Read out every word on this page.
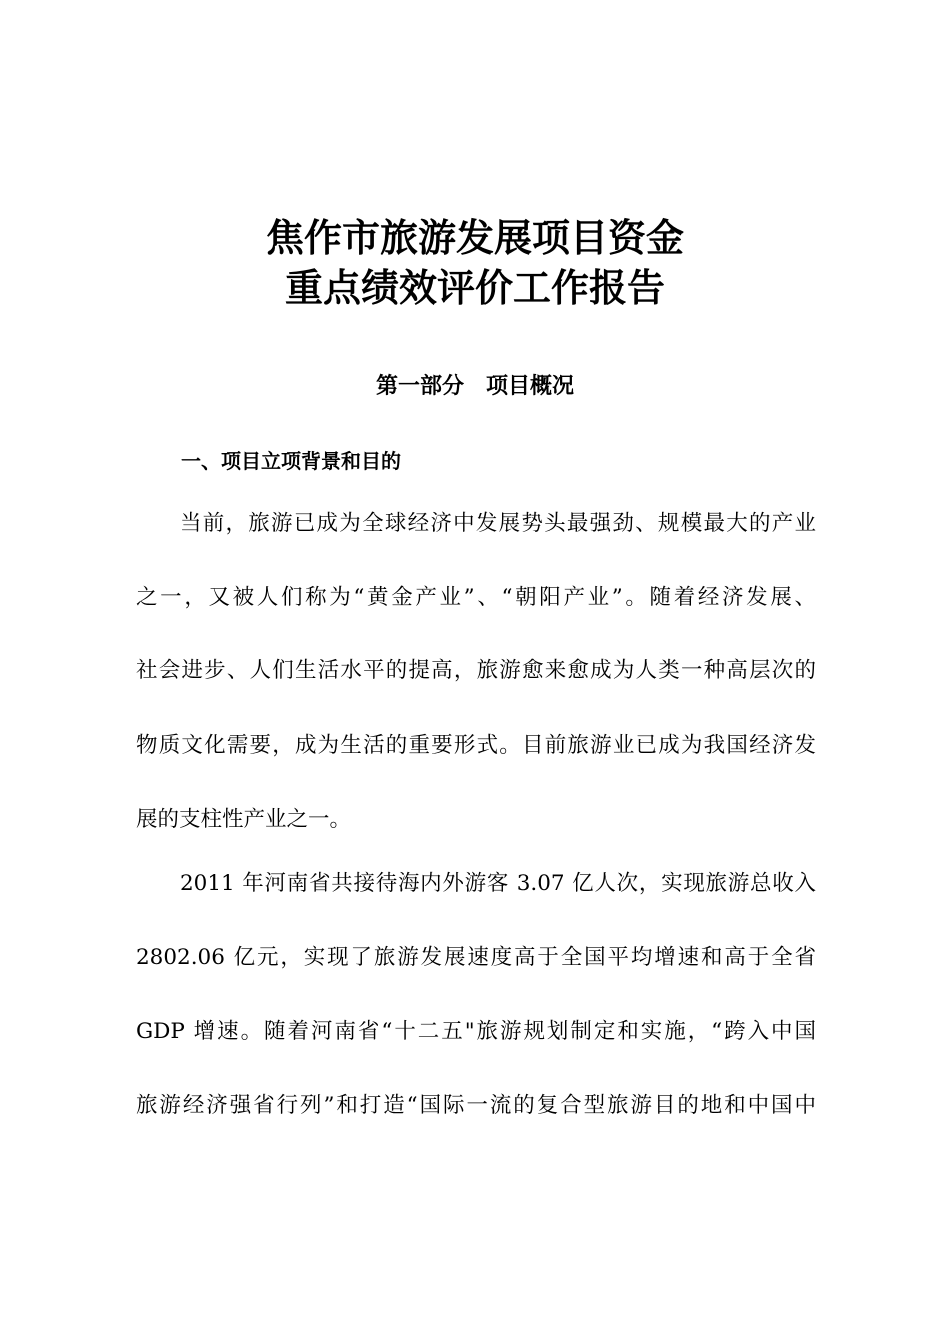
焦作市旅游发展项目资金
重点绩效评价工作报告
第一部分　项目概况
一、项目立项背景和目的
当前，旅游已成为全球经济中发展势头最强劲、规模最大的产业
之一，又被人们称为“黄金产业”、“朝阳产业”。随着经济发展、
社会进步、人们生活水平的提高，旅游愈来愈成为人类一种高层次的
物质文化需要，成为生活的重要形式。目前旅游业已成为我国经济发
展的支柱性产业之一。
2011 年河南省共接待海内外游客 3.07 亿人次，实现旅游总收入
2802.06 亿元，实现了旅游发展速度高于全国平均增速和高于全省
GDP 增速。随着河南省“十二五"旅游规划制定和实施，“跨入中国
旅游经济强省行列”和打造“国际一流的复合型旅游目的地和中国中
